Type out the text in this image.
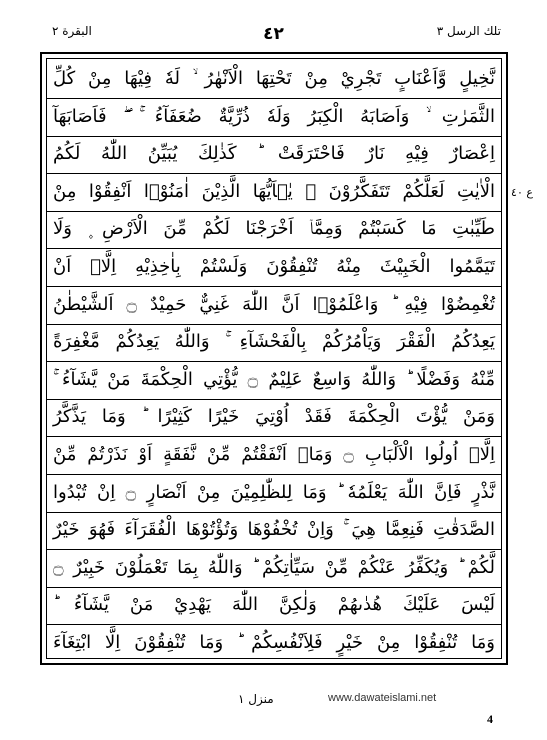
تلك الرسل ٣
٤٢
البقرة ٢
نَّخِيلٍ وَّاَعْنَابٍ تَجْرِيْ مِنْ تَحْتِهَا الْاَنْهٰرُ ۙ لَهٗ فِيْهَا مِنْ كُلِّ
الثَّمَرٰتِ ۙ وَاَصَابَهُ الْكِبَرُ وَلَهٗ ذُرِّيَّةٌ ضُعَفَآءُ ۚ ۖ فَاَصَابَهَآ
اِعْصَارٌ فِيْهِ نَارٌ فَاحْتَرَقَتْ ؕ كَذٰلِكَ يُبَيِّنُ اللّٰهُ لَكُمُ
الْاٰيٰتِ لَعَلَّكُمْ تَتَفَكَّرُوْنَ ۞ يٰۤاَيُّهَا الَّذِيْنَ اٰمَنُوْۤا اَنْفِقُوْا مِنْ
طَيِّبٰتِ مَا كَسَبْتُمْ وَمِمَّاۤ اَخْرَجْنَا لَكُمْ مِّنَ الْاَرْضِ ۪ وَلَا
تَيَمَّمُوا الْخَبِيْثَ مِنْهُ تُنْفِقُوْنَ وَلَسْتُمْ بِاٰخِذِيْهِ اِلَّاۤ اَنْ
تُغْمِضُوْا فِيْهِ ؕ وَاعْلَمُوْۤا اَنَّ اللّٰهَ غَنِيٌّ حَمِيْدٌ ۝ اَلشَّيْطٰنُ
يَعِدُكُمُ الْفَقْرَ وَيَاْمُرُكُمْ بِالْفَحْشَآءِ ۚ وَاللّٰهُ يَعِدُكُمْ مَّغْفِرَةً
مِّنْهُ وَفَضْلًا ؕ وَاللّٰهُ وَاسِعٌ عَلِيْمٌ ۝ يُّؤْتِي الْحِكْمَةَ مَنْ يَّشَآءُ ۚ
وَمَنْ يُّؤْتَ الْحِكْمَةَ فَقَدْ اُوْتِيَ خَيْرًا كَثِيْرًا ؕ وَمَا يَذَّكَّرُ
اِلَّاۤ اُولُوا الْاَلْبَابِ ۝ وَمَاۤ اَنْفَقْتُمْ مِّنْ نَّفَقَةٍ اَوْ نَذَرْتُمْ مِّنْ
نَّذْرٍ فَاِنَّ اللّٰهَ يَعْلَمُهٗ ؕ وَمَا لِلظّٰلِمِيْنَ مِنْ اَنْصَارٍ ۝ اِنْ تُبْدُوا
الصَّدَقٰتِ فَنِعِمَّا هِيَ ۚ وَاِنْ تُخْفُوْهَا وَتُؤْتُوْهَا الْفُقَرَآءَ فَهُوَ خَيْرٌ
لَّكُمْ ؕ وَيُكَفِّرُ عَنْكُمْ مِّنْ سَيِّاٰتِكُمْ ؕ وَاللّٰهُ بِمَا تَعْمَلُوْنَ خَبِيْرٌ ۝
لَيْسَ عَلَيْكَ هُدٰىهُمْ وَلٰكِنَّ اللّٰهَ يَهْدِيْ مَنْ يَّشَآءُ ؕ
وَمَا تُنْفِقُوْا مِنْ خَيْرٍ فَلِاَنْفُسِكُمْ ؕ وَمَا تُنْفِقُوْنَ اِلَّا ابْتِغَآءَ
ع ٤٠
منزل ١	www.dawateislami.net
4
